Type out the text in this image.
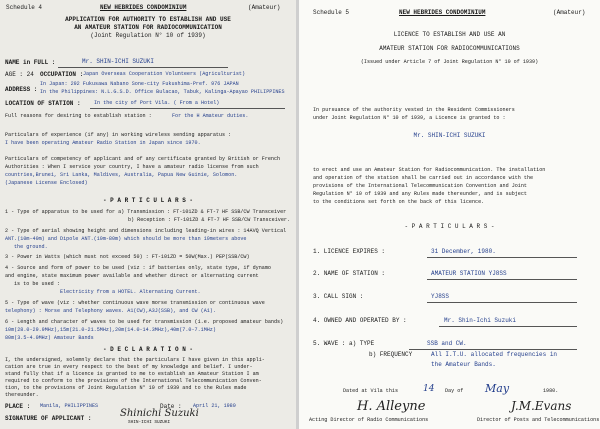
Schedule 4	NEW HEBRIDES CONDOMINIUM	(Amateur)
APPLICATION FOR AUTHORITY TO ESTABLISH AND USE
AN AMATEUR STATION FOR RADIOCOMMUNICATION
(Joint Regulation N° 10 of 1939)
NAME in FULL :	Mr. SHIN-ICHI SUZUKI
AGE : 24 OCCUPATION : Japan Overseas Cooperation Volunteers (Agriculturist)
ADDRESS :
In Japan: 292 Fukusawa Nabano Sone-city Fukushima-Pref. 976 JAPAN
In the Philippines: N.L.G.S.D. Office Bulacao, Tabuk, Kalinga-Apayao PHILIPPINES
LOCATION OF STATION :	In the city of Port Vila. ( From a Hotel)
Full reasons for desiring to establish station :	For the H Amateur duties.
Particulars of experience (if any) in working wireless sending apparatus :
I have been operating Amateur Radio Station in Japan since 1970.
Particulars of competency of applicant and of any certificate granted by British or French
Authorities : When I service your country, I have a amateur radio license from such
countries,Brunei, Sri Lanka, Maldives, Australia, Papua New Guinie, Solomon.
(Japanese License Enclosed)
- P A R T I C U L A R S -
1 - Type of apparatus to be used for a) Transmission : FT-101ZD & FT-7 HF SSB/CW Transceiver
b) Reception : FT-101ZD & FT-7 HF SSB/CW Transceiver.
2 - Type of aerial showing height and dimensions including leading-in wires : 14AVQ Vertical
ANT.(10m-40m) and Dipole ANT.(10m-80m) which should be more than 10meters above
the ground.
3 - Power in Watts (which must not exceed 50) : FT-101ZD = 50W(Max.) PEP(SSB/CW)
4 - Source and form of power to be used (viz : if batteries only, state type, if dynamo
and engine, state maximum power available and whether direct or alternating current
is to be used :
Electricity from a HOTEL. Alternating Current.
5 - Type of wave (viz : whether continuous wave morse transmission or continuous wave
telephony) : Morse and Telephony waves. A1(CW),A3J(SSB), and CW (A1).
6 - Length and character of waves to be used for transmission (i.e. proposed amateur bands)
10m(28.0-29.9MHz),15m(21.0-21.5MHz),20m(14.0-14.3MHz),40m(7.0-7.1MHz)
80m(3.5-4.0MHz) Amateur Bands
- D E C L A R A T I O N -
I, the undersigned, solemnly declare that the particulars I have given in this appli-
cation are true in every respect to the best of my knowledge and belief. I under-
stand fully that if a licence is granted to me to establish an Amateur Station I am
required to conform to the provisions of the International Telecommunication Conven-
tion, to the provisions of Joint Regulation N° 10 of 1939 and to the Rules made
thereunder.
PLACE : Manila, PHILIPPINES	Date : April 21, 1980
SIGNATURE OF APPLICANT :	Shinichi Suzuki
SHIN-ICHI SUZUKI
Schedule 5	NEW HEBRIDES CONDOMINIUM	(Amateur)
LICENCE TO ESTABLISH AND USE AN
AMATEUR STATION FOR RADIOCOMMUNICATIONS
(Issued under Article 7 of Joint Regulation N° 10 of 1939)
In pursuance of the authority vested in the Resident Commissioners
under Joint Regulation N° 10 of 1939, a Licence is granted to :
Mr. SHIN-ICHI SUZUKI
to erect and use an Amateur Station for Radiocommunication. The installation
and operation of the station shall be carried out in accordance with the
provisions of the International Telecommunication Convention and Joint
Regulation N° 10 of 1939 and any Rules made thereunder, and is subject
to the conditions set forth on the back of this licence.
- P A R T I C U L A R S -
1. LICENCE EXPIRES :	31 December, 1980.
2. NAME OF STATION :	AMATEUR STATION YJ8SS
3. CALL SIGN :	YJ8SS
4. OWNED AND OPERATED BY :	Mr. Shin-Ichi Suzuki
5. WAVE : a) TYPE	SSB and CW.
b) FREQUENCY	All I.T.U. allocated frequencies in
the Amateur Bands.
Dated at Vila this	14 Day of May	1980.
H. Alleyne
Acting Director of Radio Communications
J.M.Evans
Director of Posts and Telecommunications
